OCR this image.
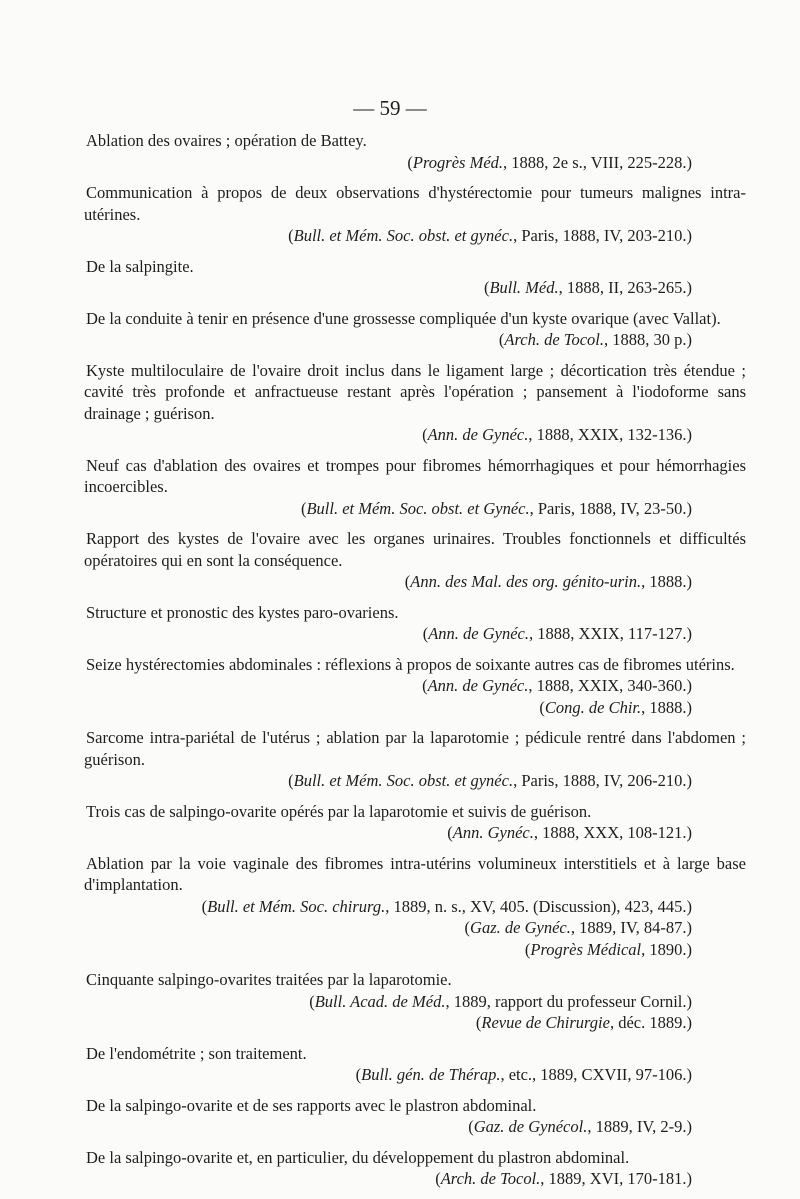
— 59 —
Ablation des ovaires ; opération de Battey.
(Progrès Méd., 1888, 2e s., VIII, 225-228.)
Communication à propos de deux observations d'hystérectomie pour tumeurs malignes intra-utérines.
(Bull. et Mém. Soc. obst. et gynéc., Paris, 1888, IV, 203-210.)
De la salpingite.
(Bull. Méd., 1888, II, 263-265.)
De la conduite à tenir en présence d'une grossesse compliquée d'un kyste ovarique (avec Vallat).
(Arch. de Tocol., 1888, 30 p.)
Kyste multiloculaire de l'ovaire droit inclus dans le ligament large ; décortication très étendue ; cavité très profonde et anfractueuse restant après l'opération ; pansement à l'iodoforme sans drainage ; guérison.
(Ann. de Gynéc., 1888, XXIX, 132-136.)
Neuf cas d'ablation des ovaires et trompes pour fibromes hémorrhagiques et pour hémorrhagies incoercibles.
(Bull. et Mém. Soc. obst. et Gynéc., Paris, 1888, IV, 23-50.)
Rapport des kystes de l'ovaire avec les organes urinaires. Troubles fonctionnels et difficultés opératoires qui en sont la conséquence.
(Ann. des Mal. des org. génito-urin., 1888.)
Structure et pronostic des kystes paro-ovariens.
(Ann. de Gynéc., 1888, XXIX, 117-127.)
Seize hystérectomies abdominales : réflexions à propos de soixante autres cas de fibromes utérins.
(Ann. de Gynéc., 1888, XXIX, 340-360.)
(Cong. de Chir., 1888.)
Sarcome intra-pariétal de l'utérus ; ablation par la laparotomie ; pédicule rentré dans l'abdomen ; guérison.
(Bull. et Mém. Soc. obst. et gynéc., Paris, 1888, IV, 206-210.)
Trois cas de salpingo-ovarite opérés par la laparotomie et suivis de guérison.
(Ann. Gynéc., 1888, XXX, 108-121.)
Ablation par la voie vaginale des fibromes intra-utérins volumineux interstitiels et à large base d'implantation.
(Bull. et Mém. Soc. chirurg., 1889, n. s., XV, 405. (Discussion), 423, 445.)
(Gaz. de Gynéc., 1889, IV, 84-87.)
(Progrès Médical, 1890.)
Cinquante salpingo-ovarites traitées par la laparotomie.
(Bull. Acad. de Méd., 1889, rapport du professeur Cornil.)
(Revue de Chirurgie, déc. 1889.)
De l'endométrite ; son traitement.
(Bull. gén. de Thérap., etc., 1889, CXVII, 97-106.)
De la salpingo-ovarite et de ses rapports avec le plastron abdominal.
(Gaz. de Gynécol., 1889, IV, 2-9.)
De la salpingo-ovarite et, en particulier, du développement du plastron abdominal.
(Arch. de Tocol., 1889, XVI, 170-181.)
